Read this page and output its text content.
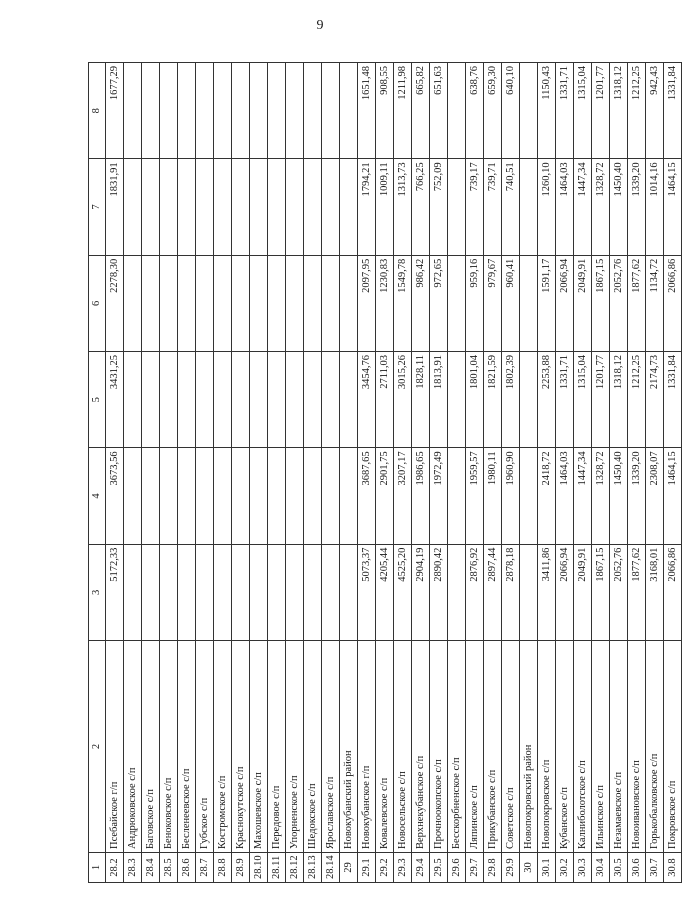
9
1	2	3	4	5	6	7	8
28.2	Псебайское г/п	5172,33	3673,56	3431,25	2278,30	1831,91	1677,29
28.3	Андрюковское с/п						
28.4	Баговское с/п						
28.5	Беноковское с/п						
28.6	Бесленеевское с/п						
28.7	Губское с/п						
28.8	Костромское с/п						
28.9	Краснокутское с/п						
28.10	Махошевское с/п						
28.11	Передовое с/п						
28.12	Упорненское с/п						
28.13	Шедокское с/п						
28.14	Ярославское с/п						
29	Новокубанский район						
29.1	Новокубанское г/п	5073,37	3687,65	3454,76	2097,95	1794,21	1651,48
29.2	Ковалевское с/п	4205,44	2901,75	2711,03	1230,83	1009,11	908,55
29.3	Новосельское с/п	4525,20	3207,17	3015,26	1549,78	1313,73	1211,98
29.4	Верхнекубанское с/п	2904,19	1986,65	1828,11	986,42	766,25	665,82
29.5	Прочноокопское с/п	2890,42	1972,49	1813,91	972,65	752,09	651,63
29.6	Бесскорбненское с/п						
29.7	Ляпинское с/п	2876,92	1959,57	1801,04	959,16	739,17	638,76
29.8	Прикубанское с/п	2897,44	1980,11	1821,59	979,67	739,71	659,30
29.9	Советское с/п	2878,18	1960,90	1802,39	960,41	740,51	640,10
30	Новопокровский район						
30.1	Новопокровское с/п	3411,86	2418,72	2253,88	1591,17	1260,10	1150,43
30.2	Кубанское с/п	2066,94	1464,03	1331,71	2066,94	1464,03	1331,71
30.3	Калниболотское с/п	2049,91	1447,34	1315,04	2049,91	1447,34	1315,04
30.4	Ильинское с/п	1867,15	1328,72	1201,77	1867,15	1328,72	1201,77
30.5	Незамаевское с/п	2052,76	1450,40	1318,12	2052,76	1450,40	1318,12
30.6	Новоивановское с/п	1877,62	1339,20	1212,25	1877,62	1339,20	1212,25
30.7	Горькобалковское с/п	3168,01	2308,07	2174,73	1134,72	1014,16	942,43
30.8	Покровское с/п	2066,86	1464,15	1331,84	2066,86	1464,15	1331,84
